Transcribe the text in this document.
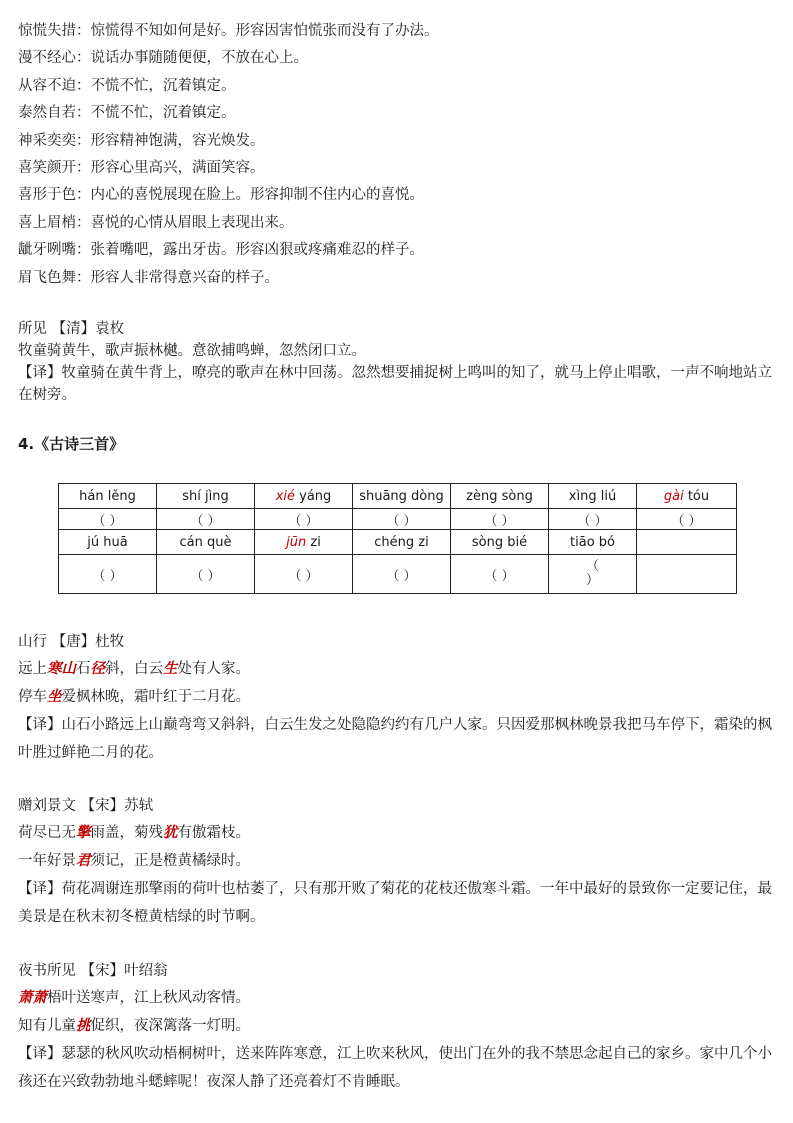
惊慌失措：惊慌得不知如何是好。形容因害怕慌张而没有了办法。
漫不经心：说话办事随随便便，不放在心上。
从容不迫：不慌不忙，沉着镇定。
泰然自若：不慌不忙，沉着镇定。
神采奕奕：形容精神饱满，容光焕发。
喜笑颜开：形容心里高兴，满面笑容。
喜形于色：内心的喜悦展现在脸上。形容抑制不住内心的喜悦。
喜上眉梢：喜悦的心情从眉眼上表现出来。
龇牙咧嘴：张着嘴吧，露出牙齿。形容凶狠或疼痛难忍的样子。
眉飞色舞：形容人非常得意兴奋的样子。
所见 【清】袁枚
牧童骑黄牛，歌声振林樾。意欲捕鸣蝉，忽然闭口立。
【译】牧童骑在黄牛背上，嘹亮的歌声在林中回荡。忽然想要捕捉树上鸣叫的知了，就马上停止唱歌，一声不响地站立在树旁。
4.《古诗三首》
hán lěng	shí jìng	xié yáng	shuāng dòng	zèng sòng	xìng liú	gài tóu
（ ）	（ ）	（ ）	（ ）	（ ）	（ ）	（ ）
jú huā	cán què	jūn zi	chéng zi	sòng bié	tiāo bó	
（ ）	（ ）	（ ）	（ ）	（ ）	（
）	

山行 【唐】杜牧
远上寒山石径斜，白云生处有人家。
停车坐爱枫林晚，霜叶红于二月花。
【译】山石小路远上山巅弯弯又斜斜，白云生发之处隐隐约约有几户人家。只因爱那枫林晚景我把马车停下，霜染的枫叶胜过鲜艳二月的花。
赠刘景文 【宋】苏轼
荷尽已无擎雨盖，菊残犹有傲霜枝。
一年好景君须记，正是橙黄橘绿时。
【译】荷花凋谢连那擎雨的荷叶也枯萎了，只有那开败了菊花的花枝还傲寒斗霜。一年中最好的景致你一定要记住，最美景是在秋末初冬橙黄桔绿的时节啊。
夜书所见 【宋】叶绍翁
萧萧梧叶送寒声，江上秋风动客情。
知有儿童挑促织，夜深篱落一灯明。
【译】瑟瑟的秋风吹动梧桐树叶，送来阵阵寒意，江上吹来秋风，使出门在外的我不禁思念起自己的家乡。家中几个小孩还在兴致勃勃地斗蟋蟀呢！夜深人静了还亮着灯不肯睡眠。
